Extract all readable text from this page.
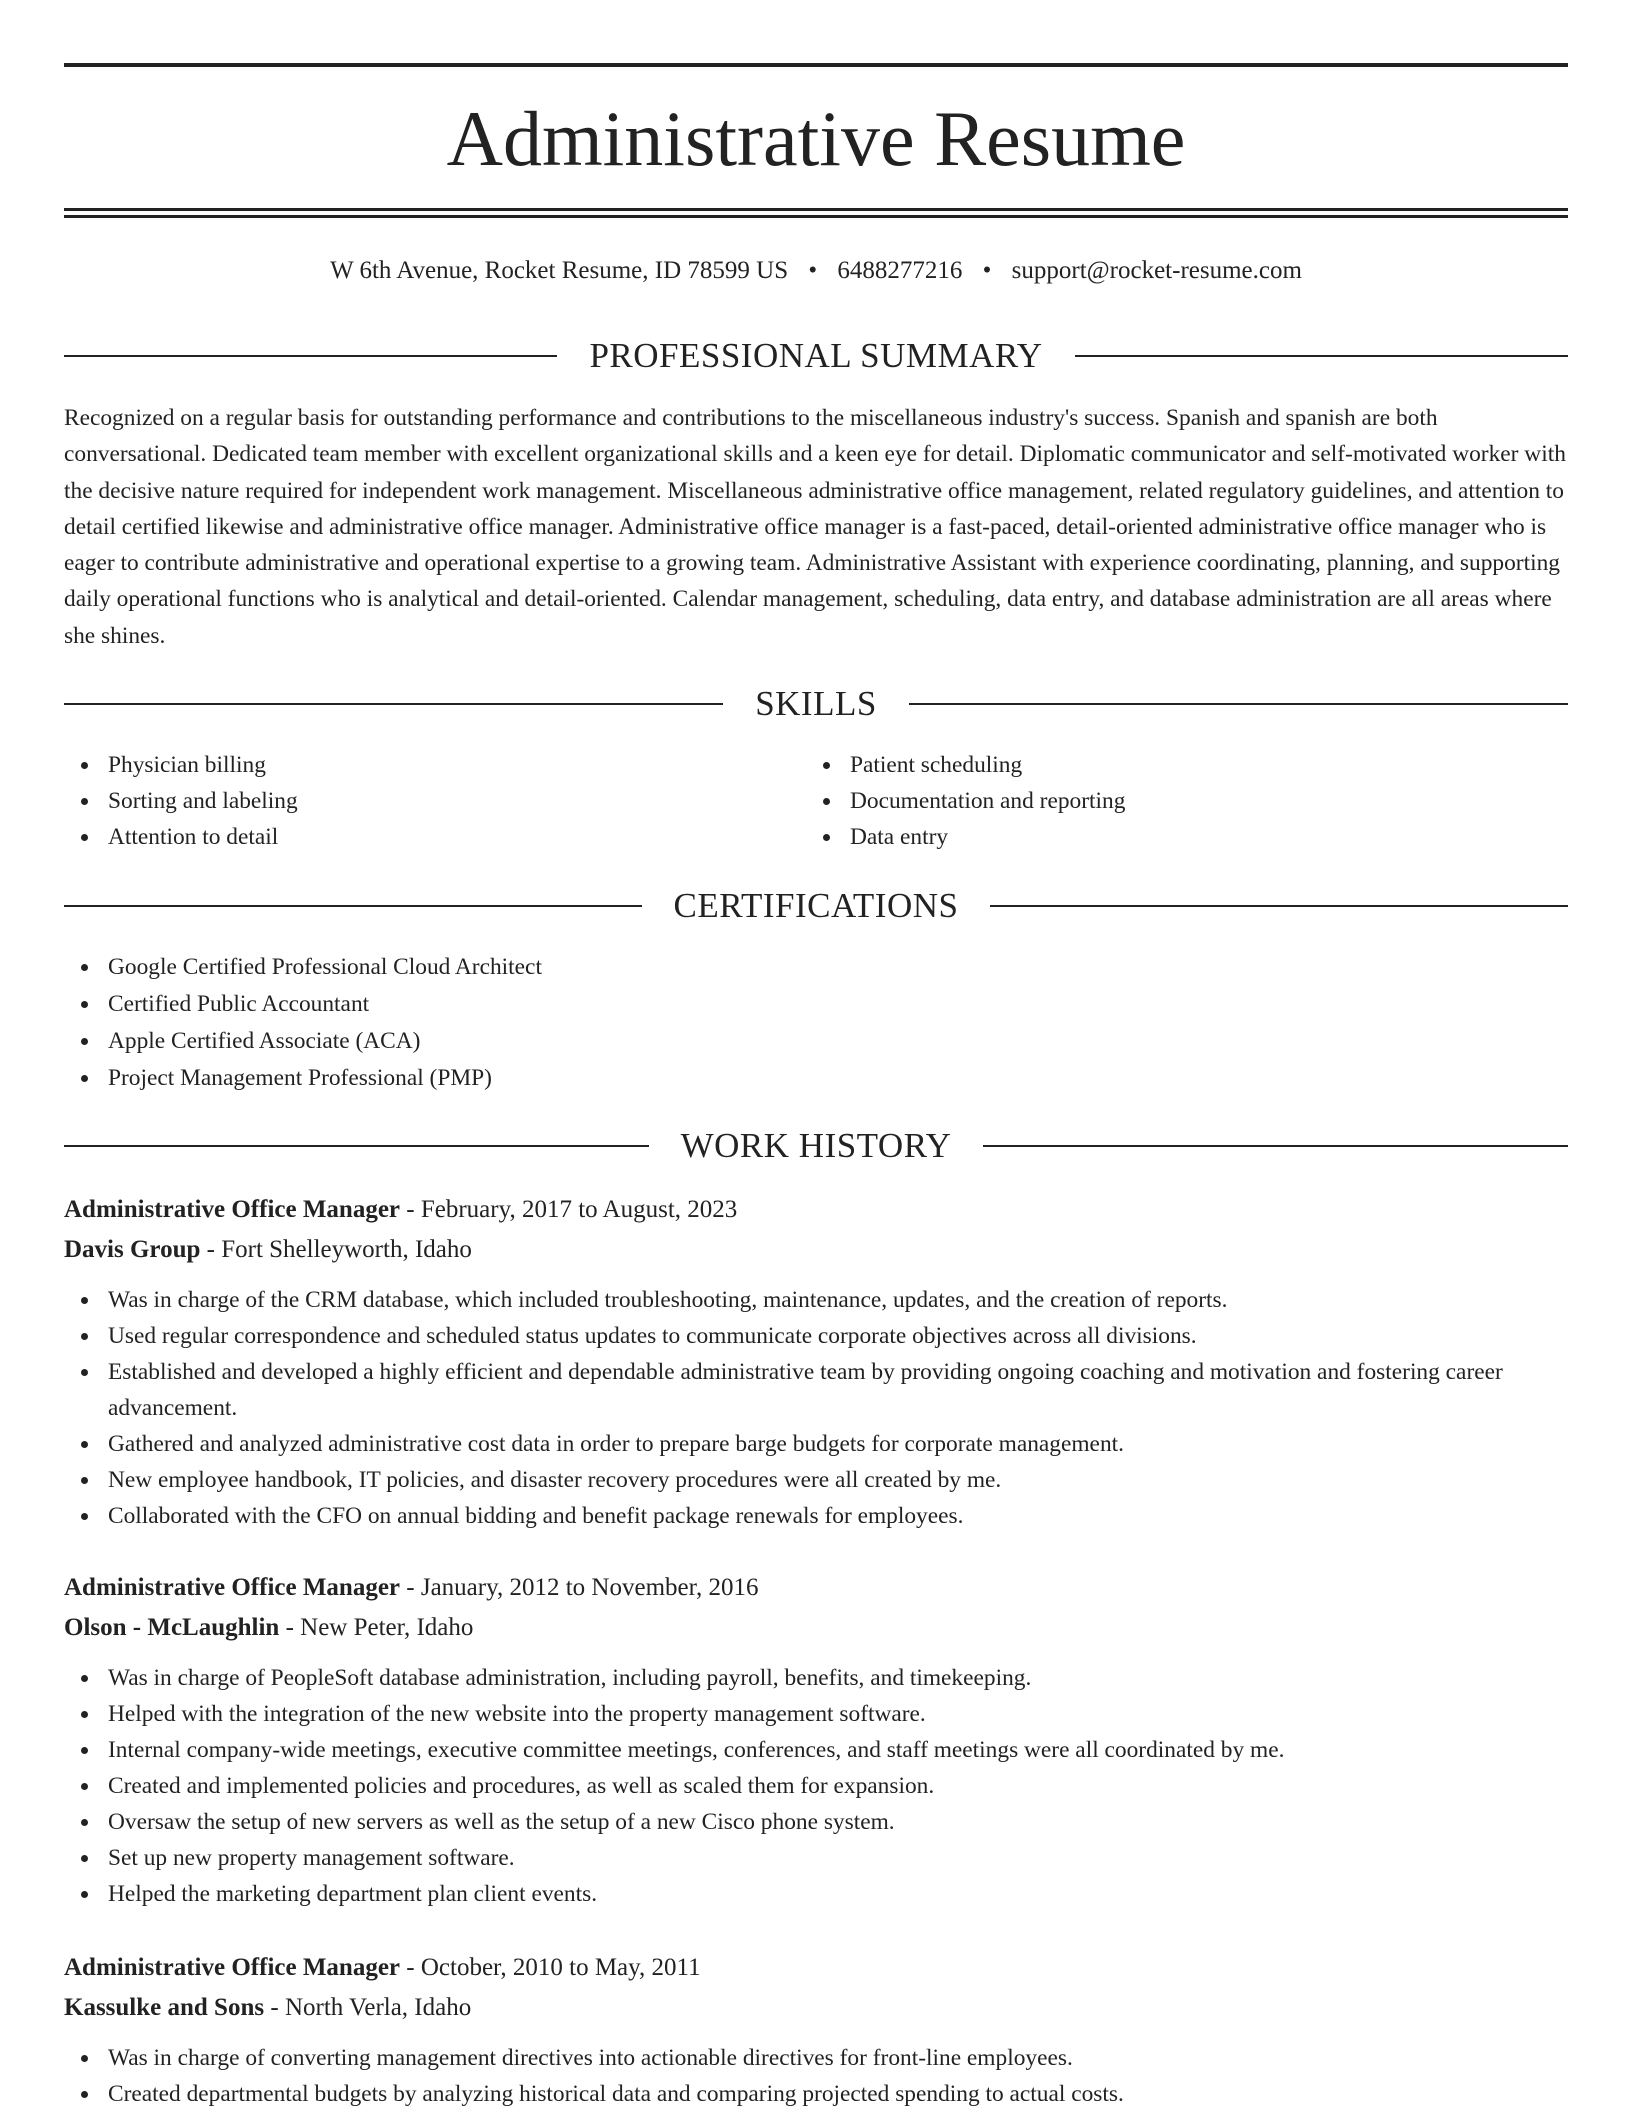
Administrative Resume
W 6th Avenue, Rocket Resume, ID 78599 US • 6488277216 • support@rocket-resume.com
PROFESSIONAL SUMMARY

Recognized on a regular basis for outstanding performance and contributions to the miscellaneous industry's success. Spanish and spanish are both conversational. Dedicated team member with excellent organizational skills and a keen eye for detail. Diplomatic communicator and self-motivated worker with the decisive nature required for independent work management. Miscellaneous administrative office management, related regulatory guidelines, and attention to detail certified likewise and administrative office manager. Administrative office manager is a fast-paced, detail-oriented administrative office manager who is eager to contribute administrative and operational expertise to a growing team. Administrative Assistant with experience coordinating, planning, and supporting daily operational functions who is analytical and detail-oriented. Calendar management, scheduling, data entry, and database administration are all areas where she shines.

SKILLS
Physician billing
Sorting and labeling
Attention to detail
Patient scheduling
Documentation and reporting
Data entry
CERTIFICATIONS
Google Certified Professional Cloud Architect
Certified Public Accountant
Apple Certified Associate (ACA)
Project Management Professional (PMP)
WORK HISTORY
Administrative Office Manager - February, 2017 to August, 2023
Davis Group - Fort Shelleyworth, Idaho
Was in charge of the CRM database, which included troubleshooting, maintenance, updates, and the creation of reports.
Used regular correspondence and scheduled status updates to communicate corporate objectives across all divisions.
Established and developed a highly efficient and dependable administrative team by providing ongoing coaching and motivation and fostering career advancement.
Gathered and analyzed administrative cost data in order to prepare barge budgets for corporate management.
New employee handbook, IT policies, and disaster recovery procedures were all created by me.
Collaborated with the CFO on annual bidding and benefit package renewals for employees.
Administrative Office Manager - January, 2012 to November, 2016
Olson - McLaughlin - New Peter, Idaho
Was in charge of PeopleSoft database administration, including payroll, benefits, and timekeeping.
Helped with the integration of the new website into the property management software.
Internal company-wide meetings, executive committee meetings, conferences, and staff meetings were all coordinated by me.
Created and implemented policies and procedures, as well as scaled them for expansion.
Oversaw the setup of new servers as well as the setup of a new Cisco phone system.
Set up new property management software.
Helped the marketing department plan client events.
Administrative Office Manager - October, 2010 to May, 2011
Kassulke and Sons - North Verla, Idaho
Was in charge of converting management directives into actionable directives for front-line employees.
Created departmental budgets by analyzing historical data and comparing projected spending to actual costs.
